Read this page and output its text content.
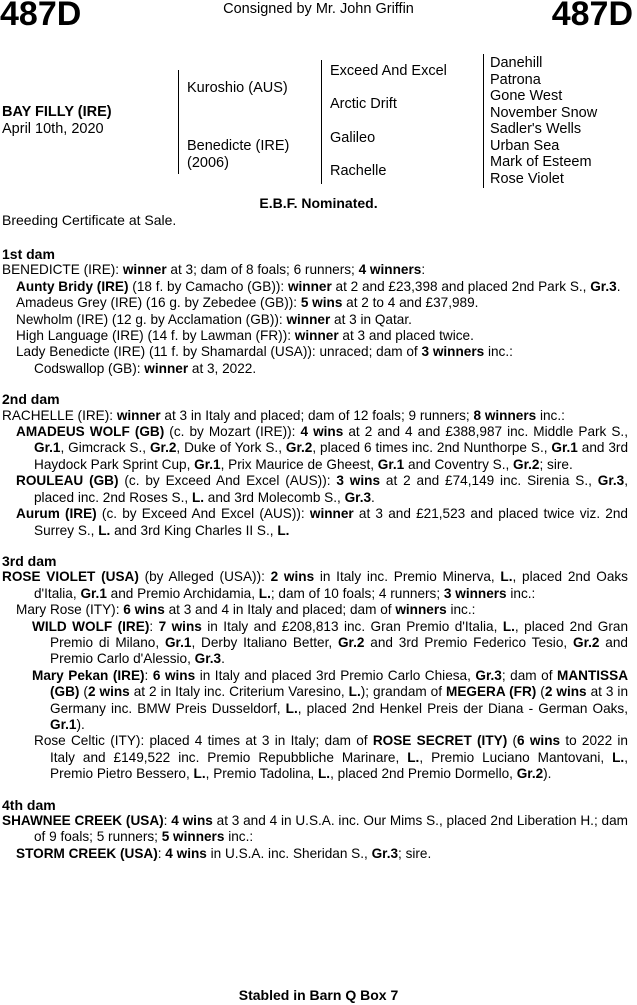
487D	487D
Consigned by Mr. John Griffin
BAY FILLY (IRE)
April 10th, 2020
Kuroshio (AUS)
Benedicte (IRE)
(2006)
Exceed And Excel
Arctic Drift
Galileo
Rachelle
Danehill
Patrona
Gone West
November Snow
Sadler's Wells
Urban Sea
Mark of Esteem
Rose Violet
E.B.F. Nominated.
Breeding Certificate at Sale.

1st dam

BENEDICTE (IRE): winner at 3; dam of 8 foals; 6 runners; 4 winners:

Aunty Bridy (IRE) (18 f. by Camacho (GB)): winner at 2 and £23,398 and placed 2nd Park S., Gr.3.

Amadeus Grey (IRE) (16 g. by Zebedee (GB)): 5 wins at 2 to 4 and £37,989.

Newholm (IRE) (12 g. by Acclamation (GB)): winner at 3 in Qatar.

High Language (IRE) (14 f. by Lawman (FR)): winner at 3 and placed twice.

Lady Benedicte (IRE) (11 f. by Shamardal (USA)): unraced; dam of 3 winners inc.:

Codswallop (GB): winner at 3, 2022.

2nd dam

RACHELLE (IRE): winner at 3 in Italy and placed; dam of 12 foals; 9 runners; 8 winners inc.:

AMADEUS WOLF (GB) (c. by Mozart (IRE)): 4 wins at 2 and 4 and £388,987 inc. Middle Park S., Gr.1, Gimcrack S., Gr.2, Duke of York S., Gr.2, placed 6 times inc. 2nd Nunthorpe S., Gr.1 and 3rd Haydock Park Sprint Cup, Gr.1, Prix Maurice de Gheest, Gr.1 and Coventry S., Gr.2; sire.

ROULEAU (GB) (c. by Exceed And Excel (AUS)): 3 wins at 2 and £74,149 inc. Sirenia S., Gr.3, placed inc. 2nd Roses S., L. and 3rd Molecomb S., Gr.3.

Aurum (IRE) (c. by Exceed And Excel (AUS)): winner at 3 and £21,523 and placed twice viz. 2nd Surrey S., L. and 3rd King Charles II S., L.

3rd dam

ROSE VIOLET (USA) (by Alleged (USA)): 2 wins in Italy inc. Premio Minerva, L., placed 2nd Oaks d'Italia, Gr.1 and Premio Archidamia, L.; dam of 10 foals; 4 runners; 3 winners inc.:

Mary Rose (ITY): 6 wins at 3 and 4 in Italy and placed; dam of winners inc.:

WILD WOLF (IRE): 7 wins in Italy and £208,813 inc. Gran Premio d'Italia, L., placed 2nd Gran Premio di Milano, Gr.1, Derby Italiano Better, Gr.2 and 3rd Premio Federico Tesio, Gr.2 and Premio Carlo d'Alessio, Gr.3.

Mary Pekan (IRE): 6 wins in Italy and placed 3rd Premio Carlo Chiesa, Gr.3; dam of MANTISSA (GB) (2 wins at 2 in Italy inc. Criterium Varesino, L.); grandam of MEGERA (FR) (2 wins at 3 in Germany inc. BMW Preis Dusseldorf, L., placed 2nd Henkel Preis der Diana - German Oaks, Gr.1).

Rose Celtic (ITY): placed 4 times at 3 in Italy; dam of ROSE SECRET (ITY) (6 wins to 2022 in Italy and £149,522 inc. Premio Repubbliche Marinare, L., Premio Luciano Mantovani, L., Premio Pietro Bessero, L., Premio Tadolina, L., placed 2nd Premio Dormello, Gr.2).

4th dam

SHAWNEE CREEK (USA): 4 wins at 3 and 4 in U.S.A. inc. Our Mims S., placed 2nd Liberation H.; dam of 9 foals; 5 runners; 5 winners inc.:

STORM CREEK (USA): 4 wins in U.S.A. inc. Sheridan S., Gr.3; sire.

Stabled in Barn Q Box 7
